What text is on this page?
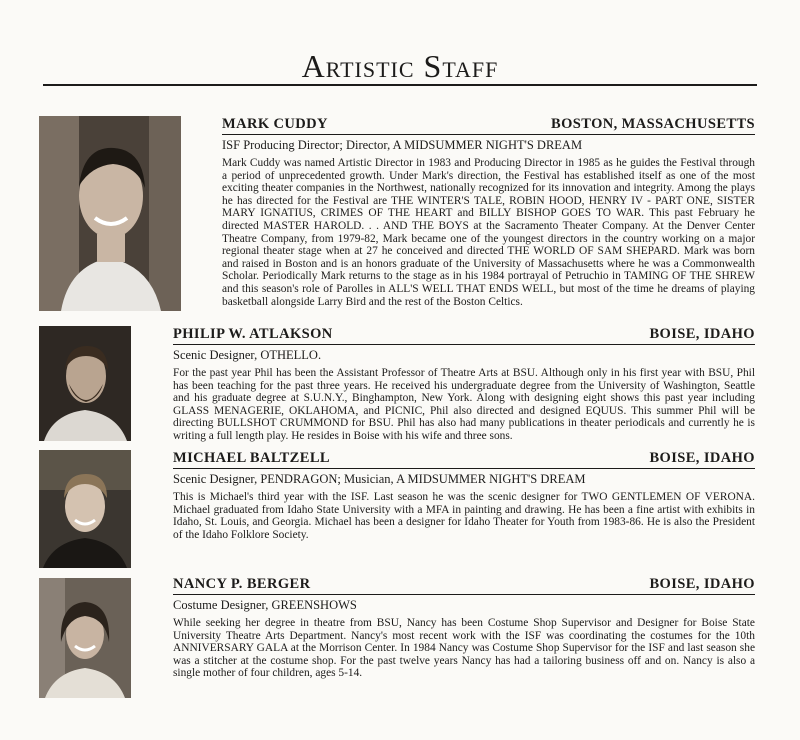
Artistic Staff
MARK CUDDY	BOSTON, MASSACHUSETTS
ISF Producing Director; Director, A MIDSUMMER NIGHT'S DREAM

Mark Cuddy was named Artistic Director in 1983 and Producing Director in 1985 as he guides the Festival through a period of unprecedented growth. Under Mark's direction, the Festival has established itself as one of the most exciting theater companies in the Northwest, nationally recognized for its innovation and integrity. Among the plays he has directed for the Festival are THE WINTER'S TALE, ROBIN HOOD, HENRY IV - PART ONE, SISTER MARY IGNATIUS, CRIMES OF THE HEART and BILLY BISHOP GOES TO WAR. This past February he directed MASTER HAROLD. . . AND THE BOYS at the Sacramento Theater Company. At the Denver Center Theatre Company, from 1979-82, Mark became one of the youngest directors in the country working on a major regional theater stage when at 27 he conceived and directed THE WORLD OF SAM SHEPARD. Mark was born and raised in Boston and is an honors graduate of the University of Massachusetts where he was a Commonwealth Scholar. Periodically Mark returns to the stage as in his 1984 portrayal of Petruchio in TAMING OF THE SHREW and this season's role of Parolles in ALL'S WELL THAT ENDS WELL, but most of the time he dreams of playing basketball alongside Larry Bird and the rest of the Boston Celtics.

PHILIP W. ATLAKSON	BOISE, IDAHO
Scenic Designer, OTHELLO.

For the past year Phil has been the Assistant Professor of Theatre Arts at BSU. Although only in his first year with BSU, Phil has been teaching for the past three years. He received his undergraduate degree from the University of Washington, Seattle and his graduate degree at S.U.N.Y., Binghampton, New York. Along with designing eight shows this past year including GLASS MENAGERIE, OKLAHOMA, and PICNIC, Phil also directed and designed EQUUS. This summer Phil will be directing BULLSHOT CRUMMOND for BSU. Phil has also had many publications in theater periodicals and currently he is writing a full length play. He resides in Boise with his wife and three sons.

MICHAEL BALTZELL	BOISE, IDAHO
Scenic Designer, PENDRAGON; Musician, A MIDSUMMER NIGHT'S DREAM

This is Michael's third year with the ISF. Last season he was the scenic designer for TWO GENTLEMEN OF VERONA. Michael graduated from Idaho State University with a MFA in painting and drawing. He has been a fine artist with exhibits in Idaho, St. Louis, and Georgia. Michael has been a designer for Idaho Theater for Youth from 1983-86. He is also the President of the Idaho Folklore Society.

NANCY P. BERGER	BOISE, IDAHO
Costume Designer, GREENSHOWS

While seeking her degree in theatre from BSU, Nancy has been Costume Shop Supervisor and Designer for Boise State University Theatre Arts Department. Nancy's most recent work with the ISF was coordinating the costumes for the 10th ANNIVERSARY GALA at the Morrison Center. In 1984 Nancy was Costume Shop Supervisor for the ISF and last season she was a stitcher at the costume shop. For the past twelve years Nancy has had a tailoring business off and on. Nancy is also a single mother of four children, ages 5-14.
